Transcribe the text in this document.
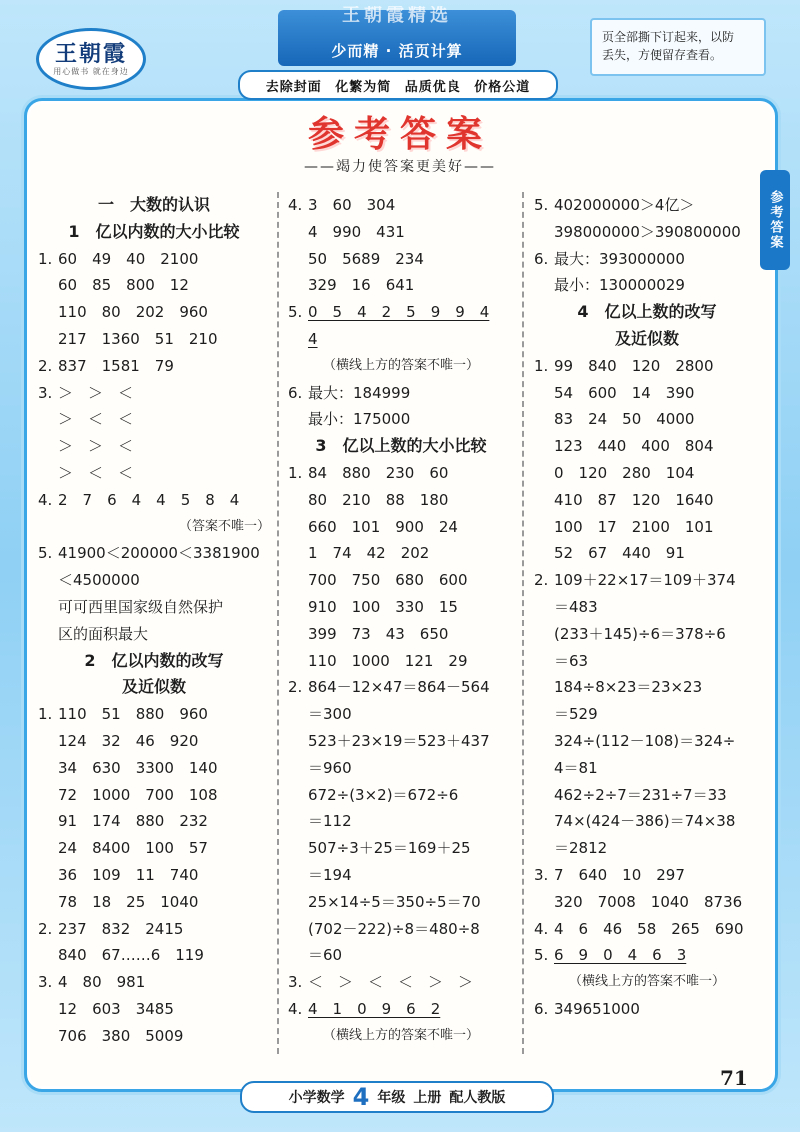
王朝霞
用心做书 就在身边
王朝霞精选
少而精 · 活页计算
页全部撕下订起来，以防
丢失，方便留存查看。
去除封面 化繁为简 品质优良 价格公道
参考答案
——竭力使答案更美好——
参考答案
一　大数的认识
1　亿以内数的大小比较
1. 60　49　40　2100
60　85　800　12
110　80　202　960
217　1360　51　210
2. 837　1581　79
3. ＞　＞　＜
＞　＜　＜
＞　＞　＜
＞　＜　＜
4. 2　7　6　4　4　5　8　4
（答案不唯一）
5. 41900＜200000＜3381900
＜4500000
可可西里国家级自然保护
区的面积最大
2　亿以内数的改写
及近似数
1. 110　51　880　960
124　32　46　920
34　630　3300　140
72　1000　700　108
91　174　880　232
24　8400　100　57
36　109　11　740
78　18　25　1040
2. 237　832　2415
840　67……6　119
3. 4　80　981
12　603　3485
706　380　5009
4. 3　60　304
4　990　431
50　5689　234
329　16　641
5. 0　5　4　2　5　9　9　4
4
（横线上方的答案不唯一）
6. 最大：184999
最小：175000
3　亿以上数的大小比较
1. 84　880　230　60
80　210　88　180
660　101　900　24
1　74　42　202
700　750　680　600
910　100　330　15
399　73　43　650
110　1000　121　29
2. 864－12×47＝864－564
＝300
523＋23×19＝523＋437
＝960
672÷(3×2)＝672÷6
＝112
507÷3＋25＝169＋25
＝194
25×14÷5＝350÷5＝70
(702－222)÷8＝480÷8
＝60
3. ＜　＞　＜　＜　＞　＞
4. 4　1　0　9　6　2
（横线上方的答案不唯一）
5. 402000000＞4亿＞
398000000＞390800000
6. 最大：393000000
最小：130000029
4　亿以上数的改写
及近似数
1. 99　840　120　2800
54　600　14　390
83　24　50　4000
123　440　400　804
0　120　280　104
410　87　120　1640
100　17　2100　101
52　67　440　91
2. 109＋22×17＝109＋374
＝483
(233＋145)÷6＝378÷6
＝63
184÷8×23＝23×23
＝529
324÷(112－108)＝324÷
4＝81
462÷2÷7＝231÷7＝33
74×(424－386)＝74×38
＝2812
3. 7　640　10　297
320　7008　1040　8736
4. 4　6　46　58　265　690
5. 6　9　0　4　6　3
（横线上方的答案不唯一）
6. 349651000
小学数学 4 年级 上册 配人教版
71
